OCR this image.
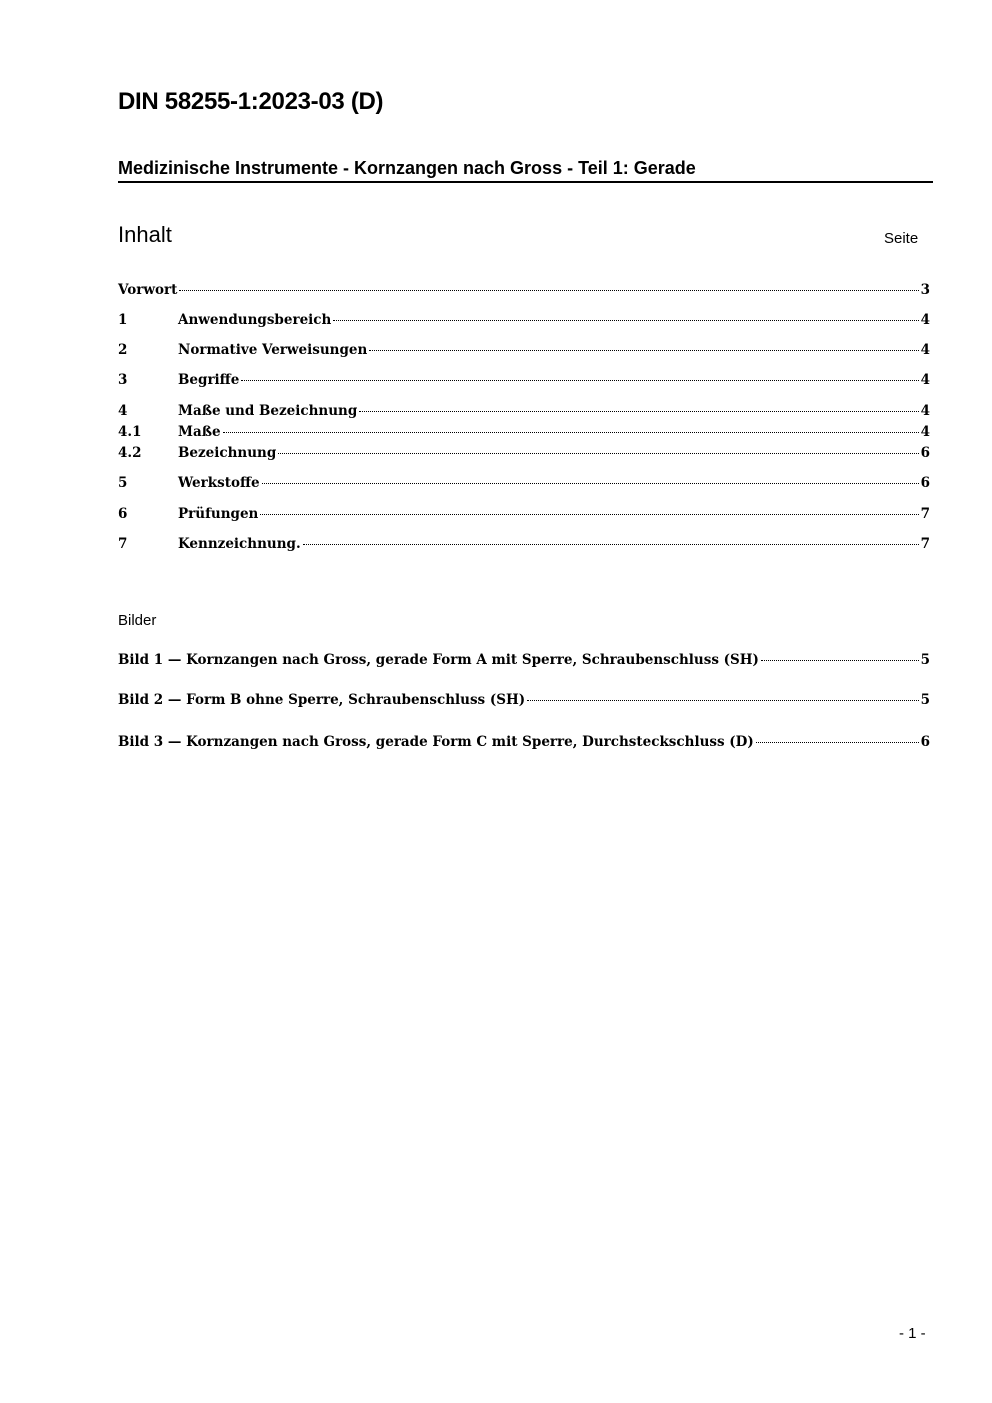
DIN 58255-1:2023-03 (D)
Medizinische Instrumente - Kornzangen nach Gross - Teil 1: Gerade
Inhalt	Seite
Vorwort	3
1	Anwendungsbereich	4
2	Normative Verweisungen	4
3	Begriffe	4
4	Maße und Bezeichnung	4
4.1	Maße	4
4.2	Bezeichnung	6
5	Werkstoffe	6
6	Prüfungen	7
7	Kennzeichnung.	7
Bilder
Bild 1 — Kornzangen nach Gross, gerade Form A mit Sperre, Schraubenschluss (SH)	5
Bild 2 — Form B ohne Sperre, Schraubenschluss (SH)	5
Bild 3 — Kornzangen nach Gross, gerade Form C mit Sperre, Durchsteckschluss (D)	6
- 1 -
